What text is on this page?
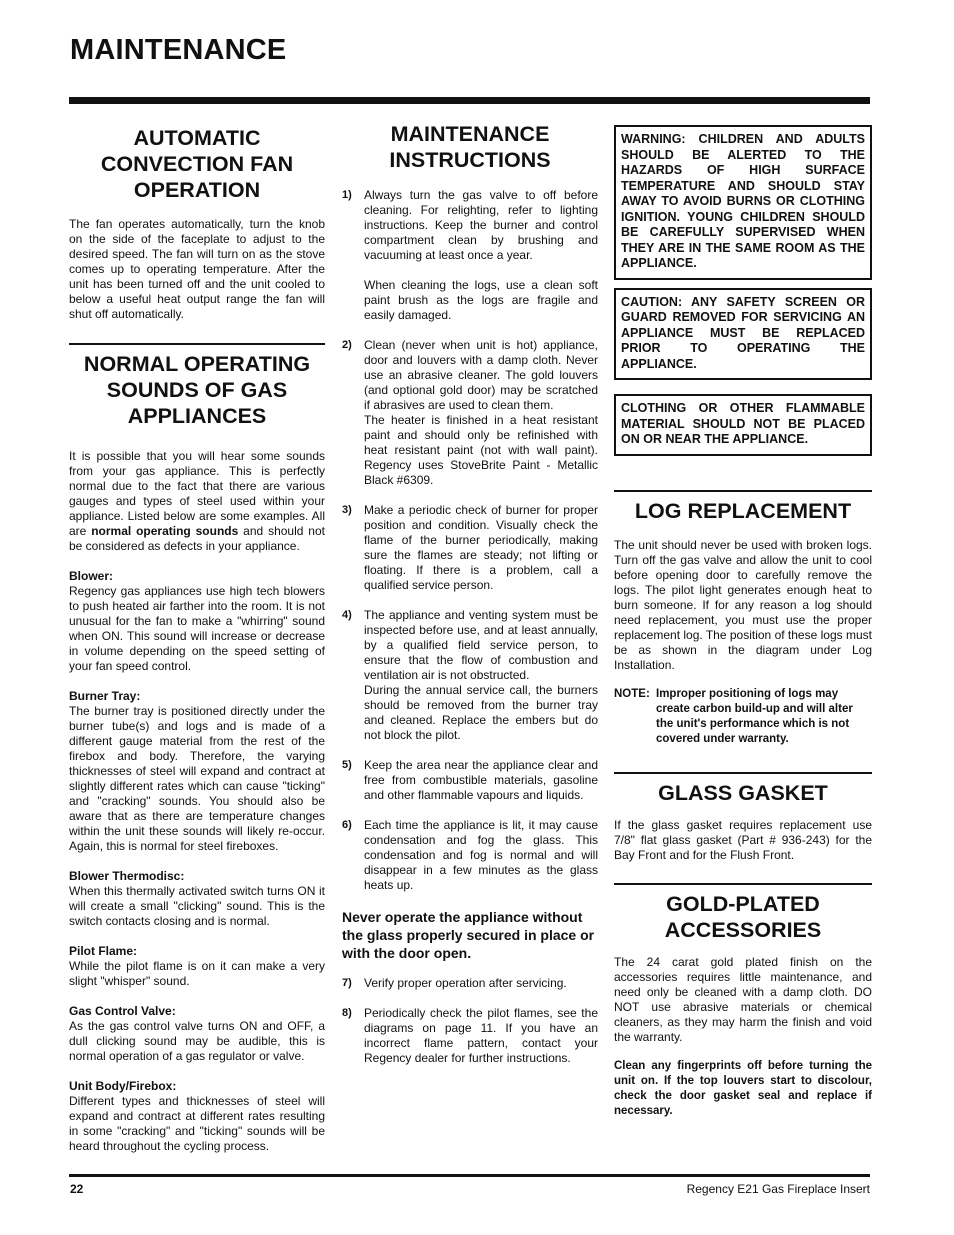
MAINTENANCE
AUTOMATIC
CONVECTION FAN
OPERATION

The fan operates automatically, turn the knob on the side of the faceplate to adjust to the desired speed. The fan will turn on as the stove comes up to operating temperature. After the unit has been turned off and the unit cooled to below a useful heat output range the fan will shut off automatically.

NORMAL OPERATING
SOUNDS OF GAS
APPLIANCES

It is possible that you will hear some sounds from your gas appliance. This is perfectly normal due to the fact that there are various gauges and types of steel used within your appliance. Listed below are some examples. All are normal operating sounds and should not be considered as defects in your appliance.

Blower:

Regency gas appliances use high tech blowers to push heated air farther into the room. It is not unusual for the fan to make a "whirring" sound when ON. This sound will increase or decrease in volume depending on the speed setting of your fan speed control.

Burner Tray:

The burner tray is positioned directly under the burner tube(s) and logs and is made of a different gauge material from the rest of the firebox and body. Therefore, the varying thicknesses of steel will expand and contract at slightly different rates which can cause "ticking" and "cracking" sounds. You should also be aware that as there are temperature changes within the unit these sounds will likely re-occur. Again, this is normal for steel fireboxes.

Blower Thermodisc:

When this thermally activated switch turns ON it will create a small "clicking" sound. This is the switch contacts closing and is normal.

Pilot Flame:

While the pilot flame is on it can make a very slight "whisper" sound.

Gas Control Valve:

As the gas control valve turns ON and OFF, a dull clicking sound may be audible, this is normal operation of a gas regulator or valve.

Unit Body/Firebox:

Different types and thicknesses of steel will expand and contract at different rates resulting in some "cracking" and "ticking" sounds will be heard throughout the cycling process.

MAINTENANCE
INSTRUCTIONS
1) Always turn the gas valve to off before cleaning. For relighting, refer to lighting instructions. Keep the burner and control compartment clean by brushing and vacuuming at least once a year.
When cleaning the logs, use a clean soft paint brush as the logs are fragile and easily damaged.
2) Clean (never when unit is hot) appliance, door and louvers with a damp cloth. Never use an abrasive cleaner. The gold louvers (and optional gold door) may be scratched if abrasives are used to clean them.
The heater is finished in a heat resistant paint and should only be refinished with heat resistant paint (not with wall paint). Regency uses StoveBrite Paint - Metallic Black #6309.
3) Make a periodic check of burner for proper position and condition. Visually check the flame of the burner periodically, making sure the flames are steady; not lifting or floating. If there is a problem, call a qualified service person.
4) The appliance and venting system must be inspected before use, and at least annually, by a qualified field service person, to ensure that the flow of combustion and ventilation air is not obstructed.
During the annual service call, the burners should be removed from the burner tray and cleaned. Replace the embers but do not block the pilot.
5) Keep the area near the appliance clear and free from combustible materials, gasoline and other flammable vapours and liquids.
6) Each time the appliance is lit, it may cause condensation and fog the glass. This condensation and fog is normal and will disappear in a few minutes as the glass heats up.

Never operate the appliance without the glass properly secured in place or with the door open.

7) Verify proper operation after servicing.
8) Periodically check the pilot flames, see the diagrams on page 11. If you have an incorrect flame pattern, contact your Regency dealer for further instructions.
WARNING: CHILDREN AND ADULTS SHOULD BE ALERTED TO THE HAZARDS OF HIGH SURFACE TEMPERATURE AND SHOULD STAY AWAY TO AVOID BURNS OR CLOTHING IGNITION. YOUNG CHILDREN SHOULD BE CAREFULLY SUPERVISED WHEN THEY ARE IN THE SAME ROOM AS THE APPLIANCE.
CAUTION: ANY SAFETY SCREEN OR GUARD REMOVED FOR SERVICING AN APPLIANCE MUST BE REPLACED PRIOR TO OPERATING THE APPLIANCE.
CLOTHING OR OTHER FLAMMABLE MATERIAL SHOULD NOT BE PLACED ON OR NEAR THE APPLIANCE.
LOG REPLACEMENT

The unit should never be used with broken logs. Turn off the gas valve and allow the unit to cool before opening door to carefully remove the logs. The pilot light generates enough heat to burn someone. If for any reason a log should need replacement, you must use the proper replacement log. The position of these logs must be as shown in the diagram under Log Installation.

NOTE: Improper positioning of logs may create carbon build-up and will alter the unit's performance which is not covered under warranty.
GLASS GASKET

If the glass gasket requires replacement use 7/8" flat glass gasket (Part # 936-243) for the Bay Front and for the Flush Front.

GOLD-PLATED
ACCESSORIES

The 24 carat gold plated finish on the accessories requires little maintenance, and need only be cleaned with a damp cloth. DO NOT use abrasive materials or chemical cleaners, as they may harm the finish and void the warranty.

Clean any fingerprints off before turning the unit on. If the top louvers start to discolour, check the door gasket seal and replace if necessary.

22	Regency E21 Gas Fireplace Insert
